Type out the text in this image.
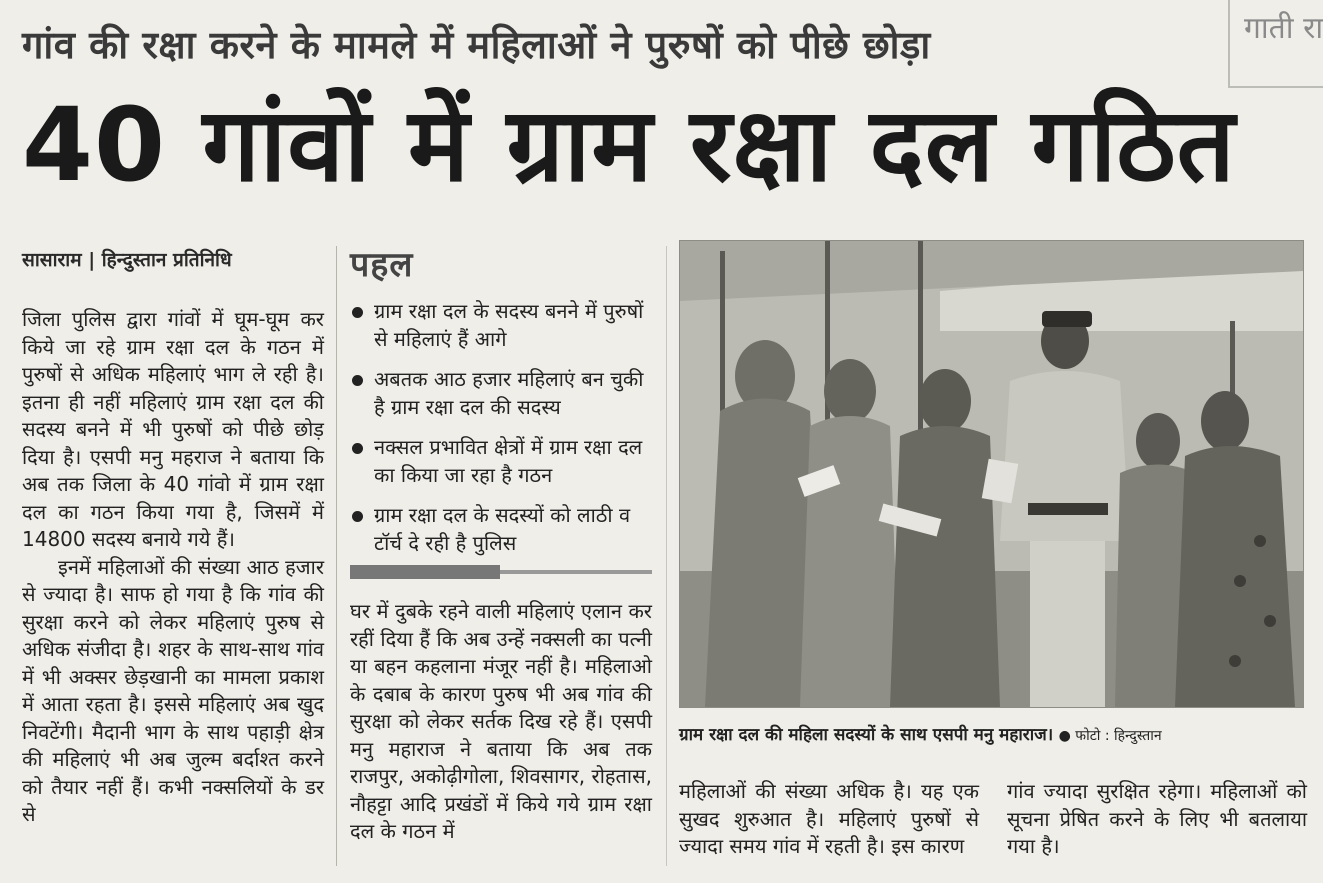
गांव की रक्षा करने के मामले में महिलाओं ने पुरुषों को पीछे छोड़ा	गाती रा
40 गांवों में ग्राम रक्षा दल गठित
सासाराम | हिन्दुस्तान प्रतिनिधि

जिला पुलिस द्वारा गांवों में घूम-घूम कर किये जा रहे ग्राम रक्षा दल के गठन में पुरुषों से अधिक महिलाएं भाग ले रही है। इतना ही नहीं महिलाएं ग्राम रक्षा दल की सदस्य बनने में भी पुरुषों को पीछे छोड़ दिया है। एसपी मनु महराज ने बताया कि अब तक जिला के 40 गांवो में ग्राम रक्षा दल का गठन किया गया है, जिसमें में 14800 सदस्य बनाये गये हैं।

इनमें महिलाओं की संख्या आठ हजार से ज्यादा है। साफ हो गया है कि गांव की सुरक्षा करने को लेकर महिलाएं पुरुष से अधिक संजीदा है। शहर के साथ-साथ गांव में भी अक्सर छेड़खानी का मामला प्रकाश में आता रहता है। इससे महिलाएं अब खुद निवटेंगी। मैदानी भाग के साथ पहाड़ी क्षेत्र की महिलाएं भी अब जुल्म बर्दाश्त करने को तैयार नहीं हैं। कभी नक्सलियों के डर से

पहल
ग्राम रक्षा दल के सदस्य बनने में पुरुषों से महिलाएं हैं आगे
अबतक आठ हजार महिलाएं बन चुकी है ग्राम रक्षा दल की सदस्य
नक्सल प्रभावित क्षेत्रों में ग्राम रक्षा दल का किया जा रहा है गठन
ग्राम रक्षा दल के सदस्यों को लाठी व टॉर्च दे रही है पुलिस

घर में दुबके रहने वाली महिलाएं एलान कर रहीं दिया हैं कि अब उन्हें नक्सली का पत्नी या बहन कहलाना मंजूर नहीं है। महिलाओ के दबाब के कारण पुरुष भी अब गांव की सुरक्षा को लेकर सर्तक दिख रहे हैं। एसपी मनु महाराज ने बताया कि अब तक राजपुर, अकोढ़ीगोला, शिवसागर, रोहतास, नौहट्टा आदि प्रखंडों में किये गये ग्राम रक्षा दल के गठन में

ग्राम रक्षा दल की महिला सदस्यों के साथ एसपी मनु महाराज। ● फोटो : हिन्दुस्तान

महिलाओं की संख्या अधिक है। यह एक सुखद शुरुआत है। महिलाएं पुरुषों से ज्यादा समय गांव में रहती है। इस कारण

गांव ज्यादा सुरक्षित रहेगा। महिलाओं को सूचना प्रेषित करने के लिए भी बतलाया गया है।
